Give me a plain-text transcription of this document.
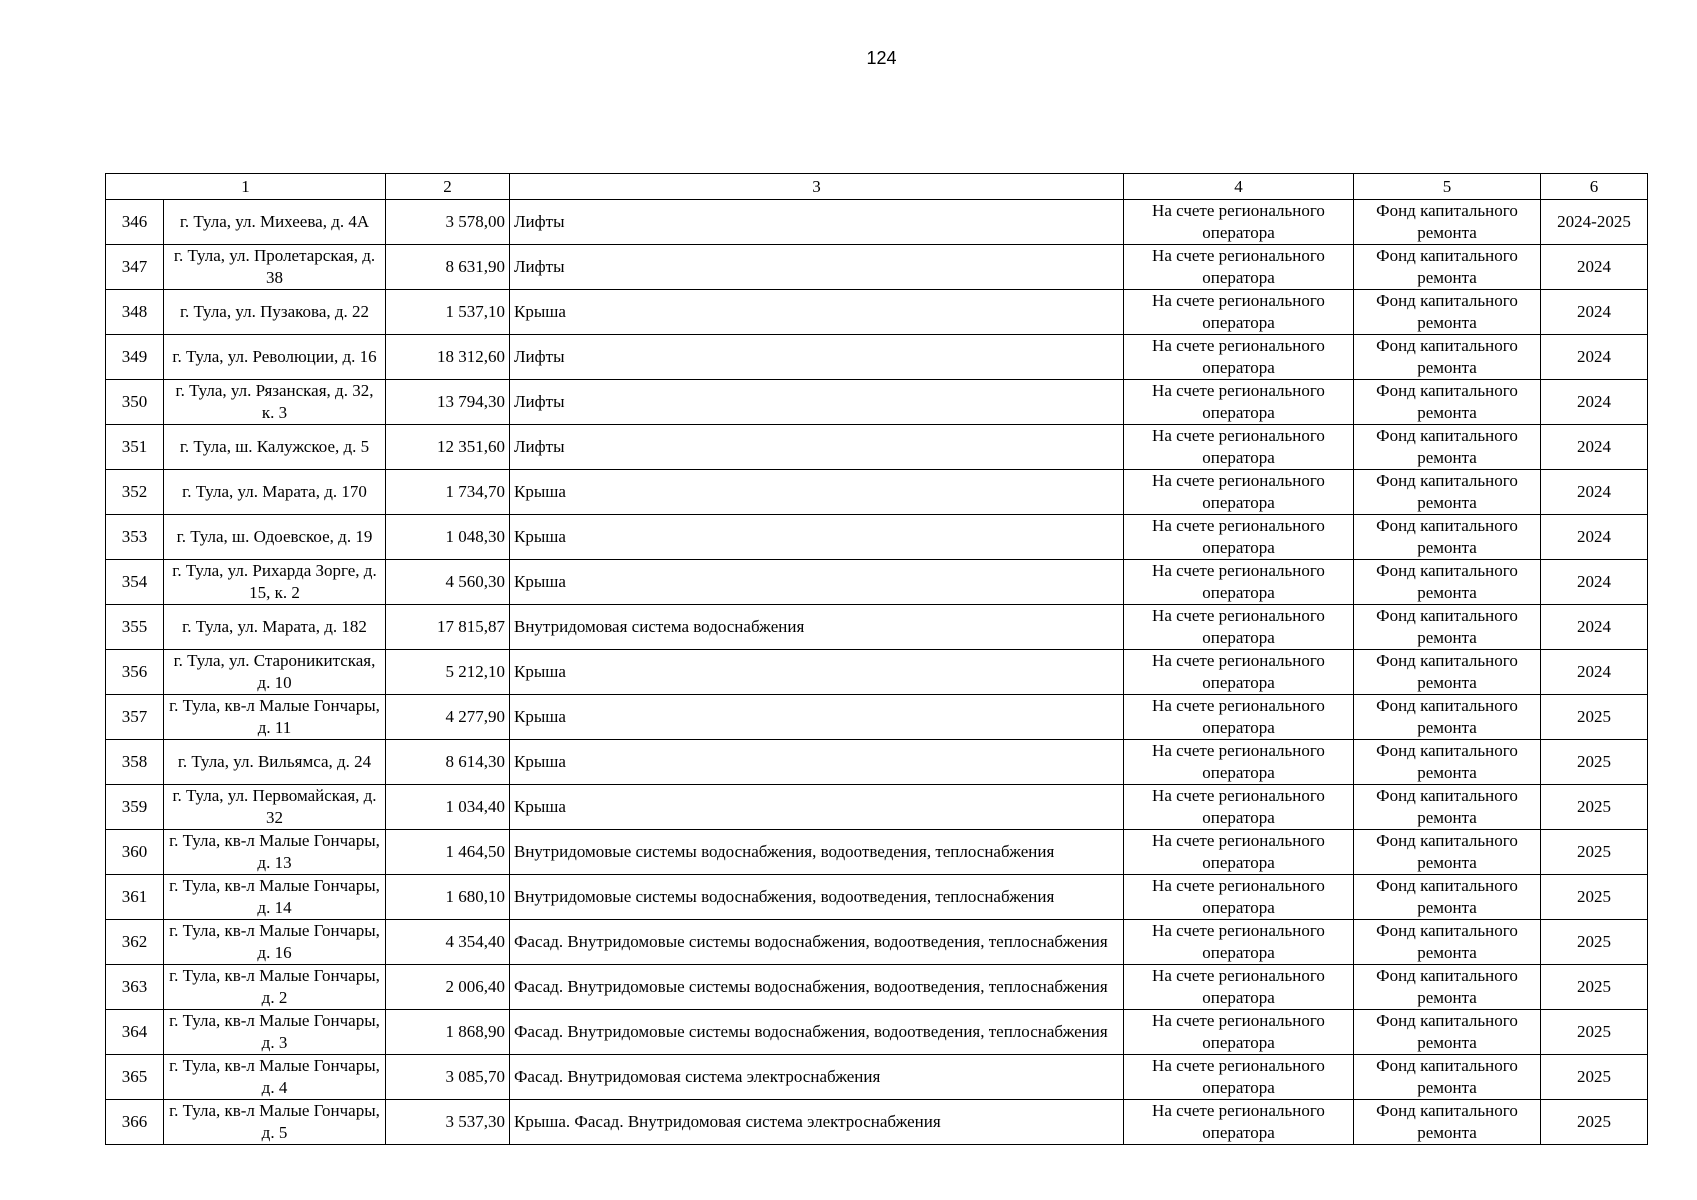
124
1		2	3	4	5	6
346	г. Тула, ул. Михеева, д. 4А	3 578,00	Лифты	На счете регионального оператора	Фонд капитального ремонта	2024-2025
347	г. Тула, ул. Пролетарская, д. 38	8 631,90	Лифты	На счете регионального оператора	Фонд капитального ремонта	2024
348	г. Тула, ул. Пузакова, д. 22	1 537,10	Крыша	На счете регионального оператора	Фонд капитального ремонта	2024
349	г. Тула, ул. Революции, д. 16	18 312,60	Лифты	На счете регионального оператора	Фонд капитального ремонта	2024
350	г. Тула, ул. Рязанская, д. 32, к. 3	13 794,30	Лифты	На счете регионального оператора	Фонд капитального ремонта	2024
351	г. Тула, ш. Калужское, д. 5	12 351,60	Лифты	На счете регионального оператора	Фонд капитального ремонта	2024
352	г. Тула, ул. Марата, д. 170	1 734,70	Крыша	На счете регионального оператора	Фонд капитального ремонта	2024
353	г. Тула, ш. Одоевское, д. 19	1 048,30	Крыша	На счете регионального оператора	Фонд капитального ремонта	2024
354	г. Тула, ул. Рихарда Зорге, д. 15, к. 2	4 560,30	Крыша	На счете регионального оператора	Фонд капитального ремонта	2024
355	г. Тула, ул. Марата, д. 182	17 815,87	Внутридомовая система водоснабжения	На счете регионального оператора	Фонд капитального ремонта	2024
356	г. Тула, ул. Староникитская, д. 10	5 212,10	Крыша	На счете регионального оператора	Фонд капитального ремонта	2024
357	г. Тула, кв-л Малые Гончары, д. 11	4 277,90	Крыша	На счете регионального оператора	Фонд капитального ремонта	2025
358	г. Тула, ул. Вильямса, д. 24	8 614,30	Крыша	На счете регионального оператора	Фонд капитального ремонта	2025
359	г. Тула, ул. Первомайская, д. 32	1 034,40	Крыша	На счете регионального оператора	Фонд капитального ремонта	2025
360	г. Тула, кв-л Малые Гончары, д. 13	1 464,50	Внутридомовые системы водоснабжения, водоотведения, теплоснабжения	На счете регионального оператора	Фонд капитального ремонта	2025
361	г. Тула, кв-л Малые Гончары, д. 14	1 680,10	Внутридомовые системы водоснабжения, водоотведения, теплоснабжения	На счете регионального оператора	Фонд капитального ремонта	2025
362	г. Тула, кв-л Малые Гончары, д. 16	4 354,40	Фасад. Внутридомовые системы водоснабжения, водоотведения, теплоснабжения	На счете регионального оператора	Фонд капитального ремонта	2025
363	г. Тула, кв-л Малые Гончары, д. 2	2 006,40	Фасад. Внутридомовые системы водоснабжения, водоотведения, теплоснабжения	На счете регионального оператора	Фонд капитального ремонта	2025
364	г. Тула, кв-л Малые Гончары, д. 3	1 868,90	Фасад. Внутридомовые системы водоснабжения, водоотведения, теплоснабжения	На счете регионального оператора	Фонд капитального ремонта	2025
365	г. Тула, кв-л Малые Гончары, д. 4	3 085,70	Фасад. Внутридомовая система электроснабжения	На счете регионального оператора	Фонд капитального ремонта	2025
366	г. Тула, кв-л Малые Гончары, д. 5	3 537,30	Крыша. Фасад. Внутридомовая система электроснабжения	На счете регионального оператора	Фонд капитального ремонта	2025
